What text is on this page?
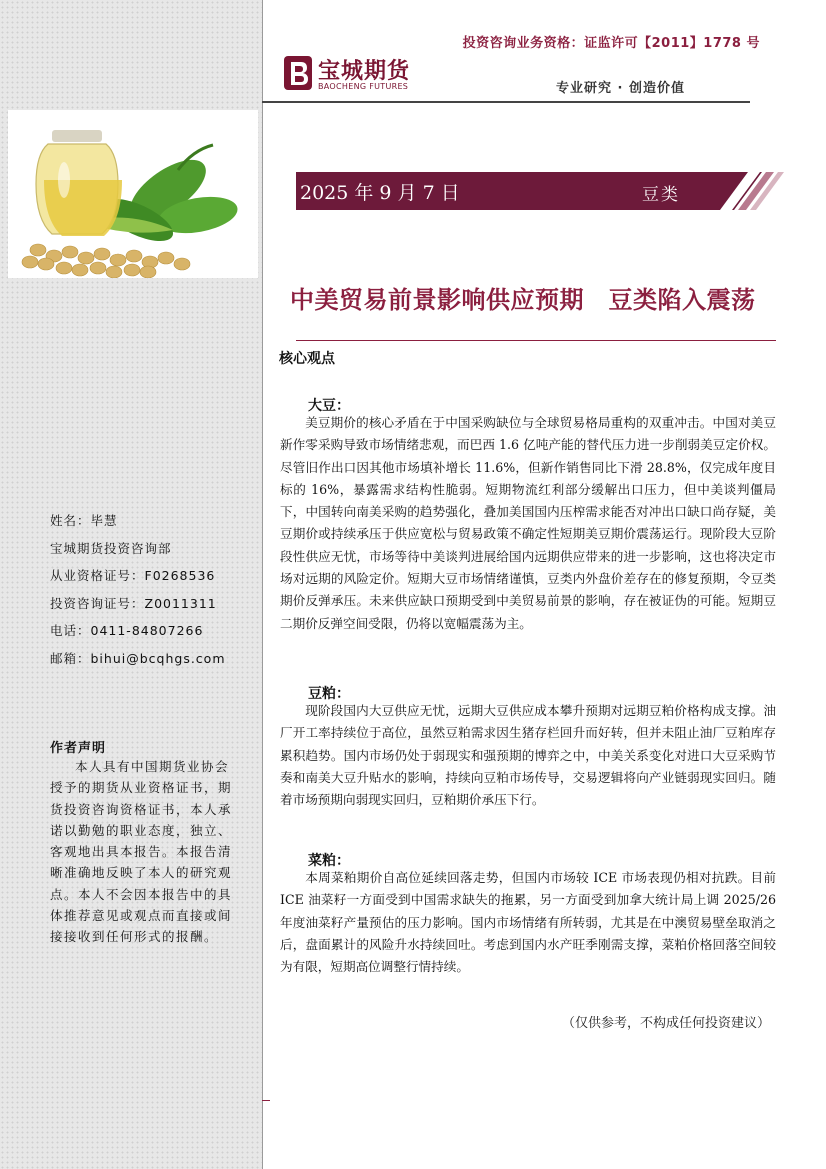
投资咨询业务资格：证监许可【2011】1778 号
宝城期货
BAOCHENG FUTURES	专业研究 · 创造价值
2025 年 9 月 7 日	豆类
中美贸易前景影响供应预期　豆类陷入震荡
核心观点
大豆：

美豆期价的核心矛盾在于中国采购缺位与全球贸易格局重构的双重冲击。中国对美豆新作零采购导致市场情绪悲观，而巴西 1.6 亿吨产能的替代压力进一步削弱美豆定价权。尽管旧作出口因其他市场填补增长 11.6%，但新作销售同比下滑 28.8%，仅完成年度目标的 16%，暴露需求结构性脆弱。短期物流红利部分缓解出口压力，但中美谈判僵局下，中国转向南美采购的趋势强化，叠加美国国内压榨需求能否对冲出口缺口尚存疑，美豆期价或持续承压于供应宽松与贸易政策不确定性短期美豆期价震荡运行。现阶段大豆阶段性供应无忧，市场等待中美谈判进展给国内远期供应带来的进一步影响，这也将决定市场对远期的风险定价。短期大豆市场情绪谨慎，豆类内外盘价差存在的修复预期，令豆类期价反弹承压。未来供应缺口预期受到中美贸易前景的影响，存在被证伪的可能。短期豆二期价反弹空间受限，仍将以宽幅震荡为主。

豆粕：

现阶段国内大豆供应无忧，远期大豆供应成本攀升预期对远期豆粕价格构成支撑。油厂开工率持续位于高位，虽然豆粕需求因生猪存栏回升而好转，但并未阻止油厂豆粕库存累积趋势。国内市场仍处于弱现实和强预期的博弈之中，中美关系变化对进口大豆采购节奏和南美大豆升贴水的影响，持续向豆粕市场传导，交易逻辑将向产业链弱现实回归。随着市场预期向弱现实回归，豆粕期价承压下行。

菜粕：

本周菜粕期价自高位延续回落走势，但国内市场较 ICE 市场表现仍相对抗跌。目前 ICE 油菜籽一方面受到中国需求缺失的拖累，另一方面受到加拿大统计局上调 2025/26 年度油菜籽产量预估的压力影响。国内市场情绪有所转弱，尤其是在中澳贸易壁垒取消之后，盘面累计的风险升水持续回吐。考虑到国内水产旺季刚需支撑，菜粕价格回落空间较为有限，短期高位调整行情持续。

（仅供参考，不构成任何投资建议）
姓名：毕慧
宝城期货投资咨询部
从业资格证号：F0268536
投资咨询证号：Z0011311
电话：0411-84807266
邮箱：bihui@bcqhgs.com
作者声明

本人具有中国期货业协会授予的期货从业资格证书，期货投资咨询资格证书，本人承诺以勤勉的职业态度，独立、客观地出具本报告。本报告清晰准确地反映了本人的研究观点。本人不会因本报告中的具体推荐意见或观点而直接或间接接收到任何形式的报酬。
